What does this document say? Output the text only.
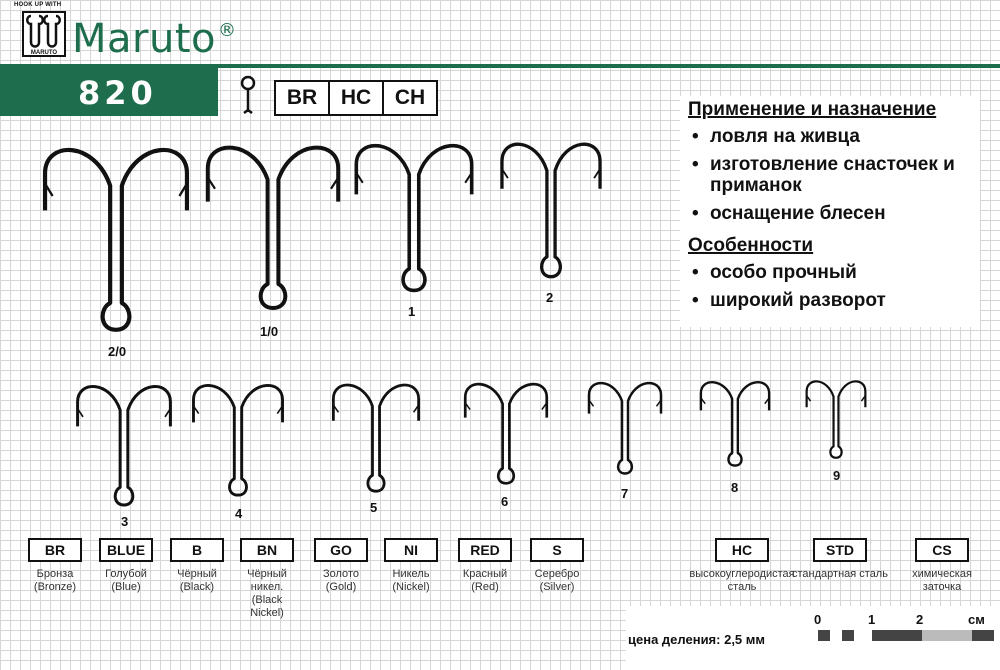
HOOK UP WITH
MARUTO Maruto ®
820	BR	HC	CH
Применение и назначение
• ловля на живца
• изготовление снасточек и приманок
• оснащение блесен
Особенности
• особо прочный
• широкий разворот
2/0
1/0
1
2
3
4	5	6
7	8
9
BR
Бронза (Bronze)
BLUE
Голубой (Blue)
B
Чёрный (Black)
BN
Чёрный никел. (Black Nickel)
GO
Золото (Gold)
NI
Никель (Nickel)
RED
Красный (Red)
S
Серебро (Silver)
HC
высокоуглеродистая сталь
STD
стандартная сталь
CS
химическая заточка
цена деления: 2,5 мм
0	1	2	см
